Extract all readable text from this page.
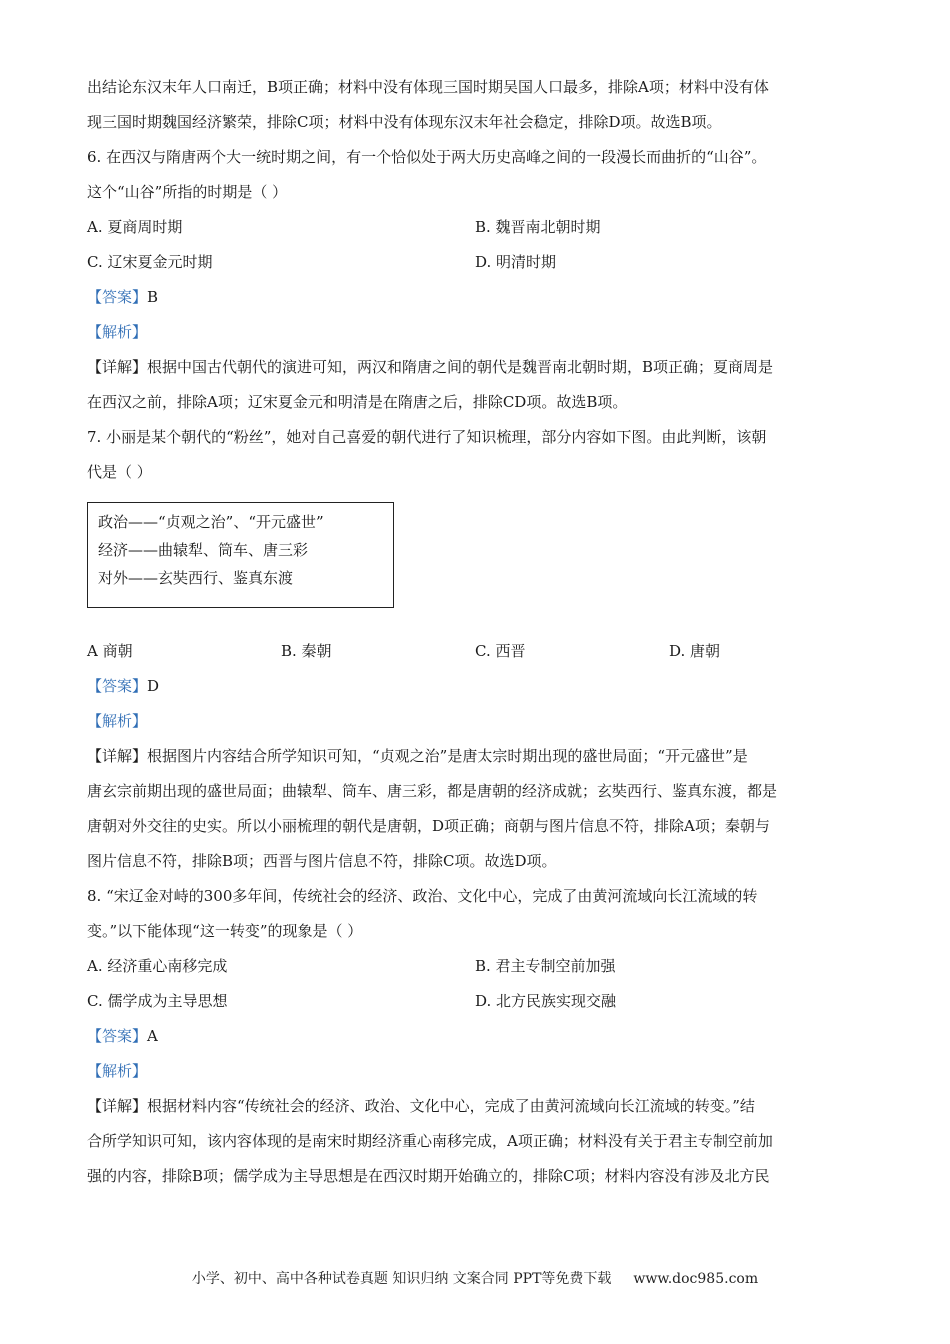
出结论东汉末年人口南迁，B项正确；材料中没有体现三国时期吴国人口最多，排除A项；材料中没有体
现三国时期魏国经济繁荣，排除C项；材料中没有体现东汉末年社会稳定，排除D项。故选B项。
6. 在西汉与隋唐两个大一统时期之间，有一个恰似处于两大历史高峰之间的一段漫长而曲折的“山谷”。
这个“山谷”所指的时期是（ ）
A. 夏商周时期	B. 魏晋南北朝时期
C. 辽宋夏金元时期	D. 明清时期
【答案】B
【解析】
【详解】根据中国古代朝代的演进可知，两汉和隋唐之间的朝代是魏晋南北朝时期，B项正确；夏商周是
在西汉之前，排除A项；辽宋夏金元和明清是在隋唐之后，排除CD项。故选B项。
7. 小丽是某个朝代的“粉丝”，她对自己喜爱的朝代进行了知识梳理，部分内容如下图。由此判断，该朝
代是（ ）
政治——“贞观之治”、“开元盛世”
经济——曲辕犁、筒车、唐三彩
对外——玄奘西行、鉴真东渡
A 商朝	B. 秦朝	C. 西晋	D. 唐朝
【答案】D
【解析】
【详解】根据图片内容结合所学知识可知，“贞观之治”是唐太宗时期出现的盛世局面；“开元盛世”是
唐玄宗前期出现的盛世局面；曲辕犁、筒车、唐三彩，都是唐朝的经济成就；玄奘西行、鉴真东渡，都是
唐朝对外交往的史实。所以小丽梳理的朝代是唐朝，D项正确；商朝与图片信息不符，排除A项；秦朝与
图片信息不符，排除B项；西晋与图片信息不符，排除C项。故选D项。
8. “宋辽金对峙的300多年间，传统社会的经济、政治、文化中心，完成了由黄河流域向长江流域的转
变。”以下能体现“这一转变”的现象是（ ）
A. 经济重心南移完成	B. 君主专制空前加强
C. 儒学成为主导思想	D. 北方民族实现交融
【答案】A
【解析】
【详解】根据材料内容“传统社会的经济、政治、文化中心，完成了由黄河流域向长江流域的转变。”结
合所学知识可知，该内容体现的是南宋时期经济重心南移完成，A项正确；材料没有关于君主专制空前加
强的内容，排除B项；儒学成为主导思想是在西汉时期开始确立的，排除C项；材料内容没有涉及北方民
小学、初中、高中各种试卷真题 知识归纳 文案合同 PPT等免费下载 www.doc985.com
